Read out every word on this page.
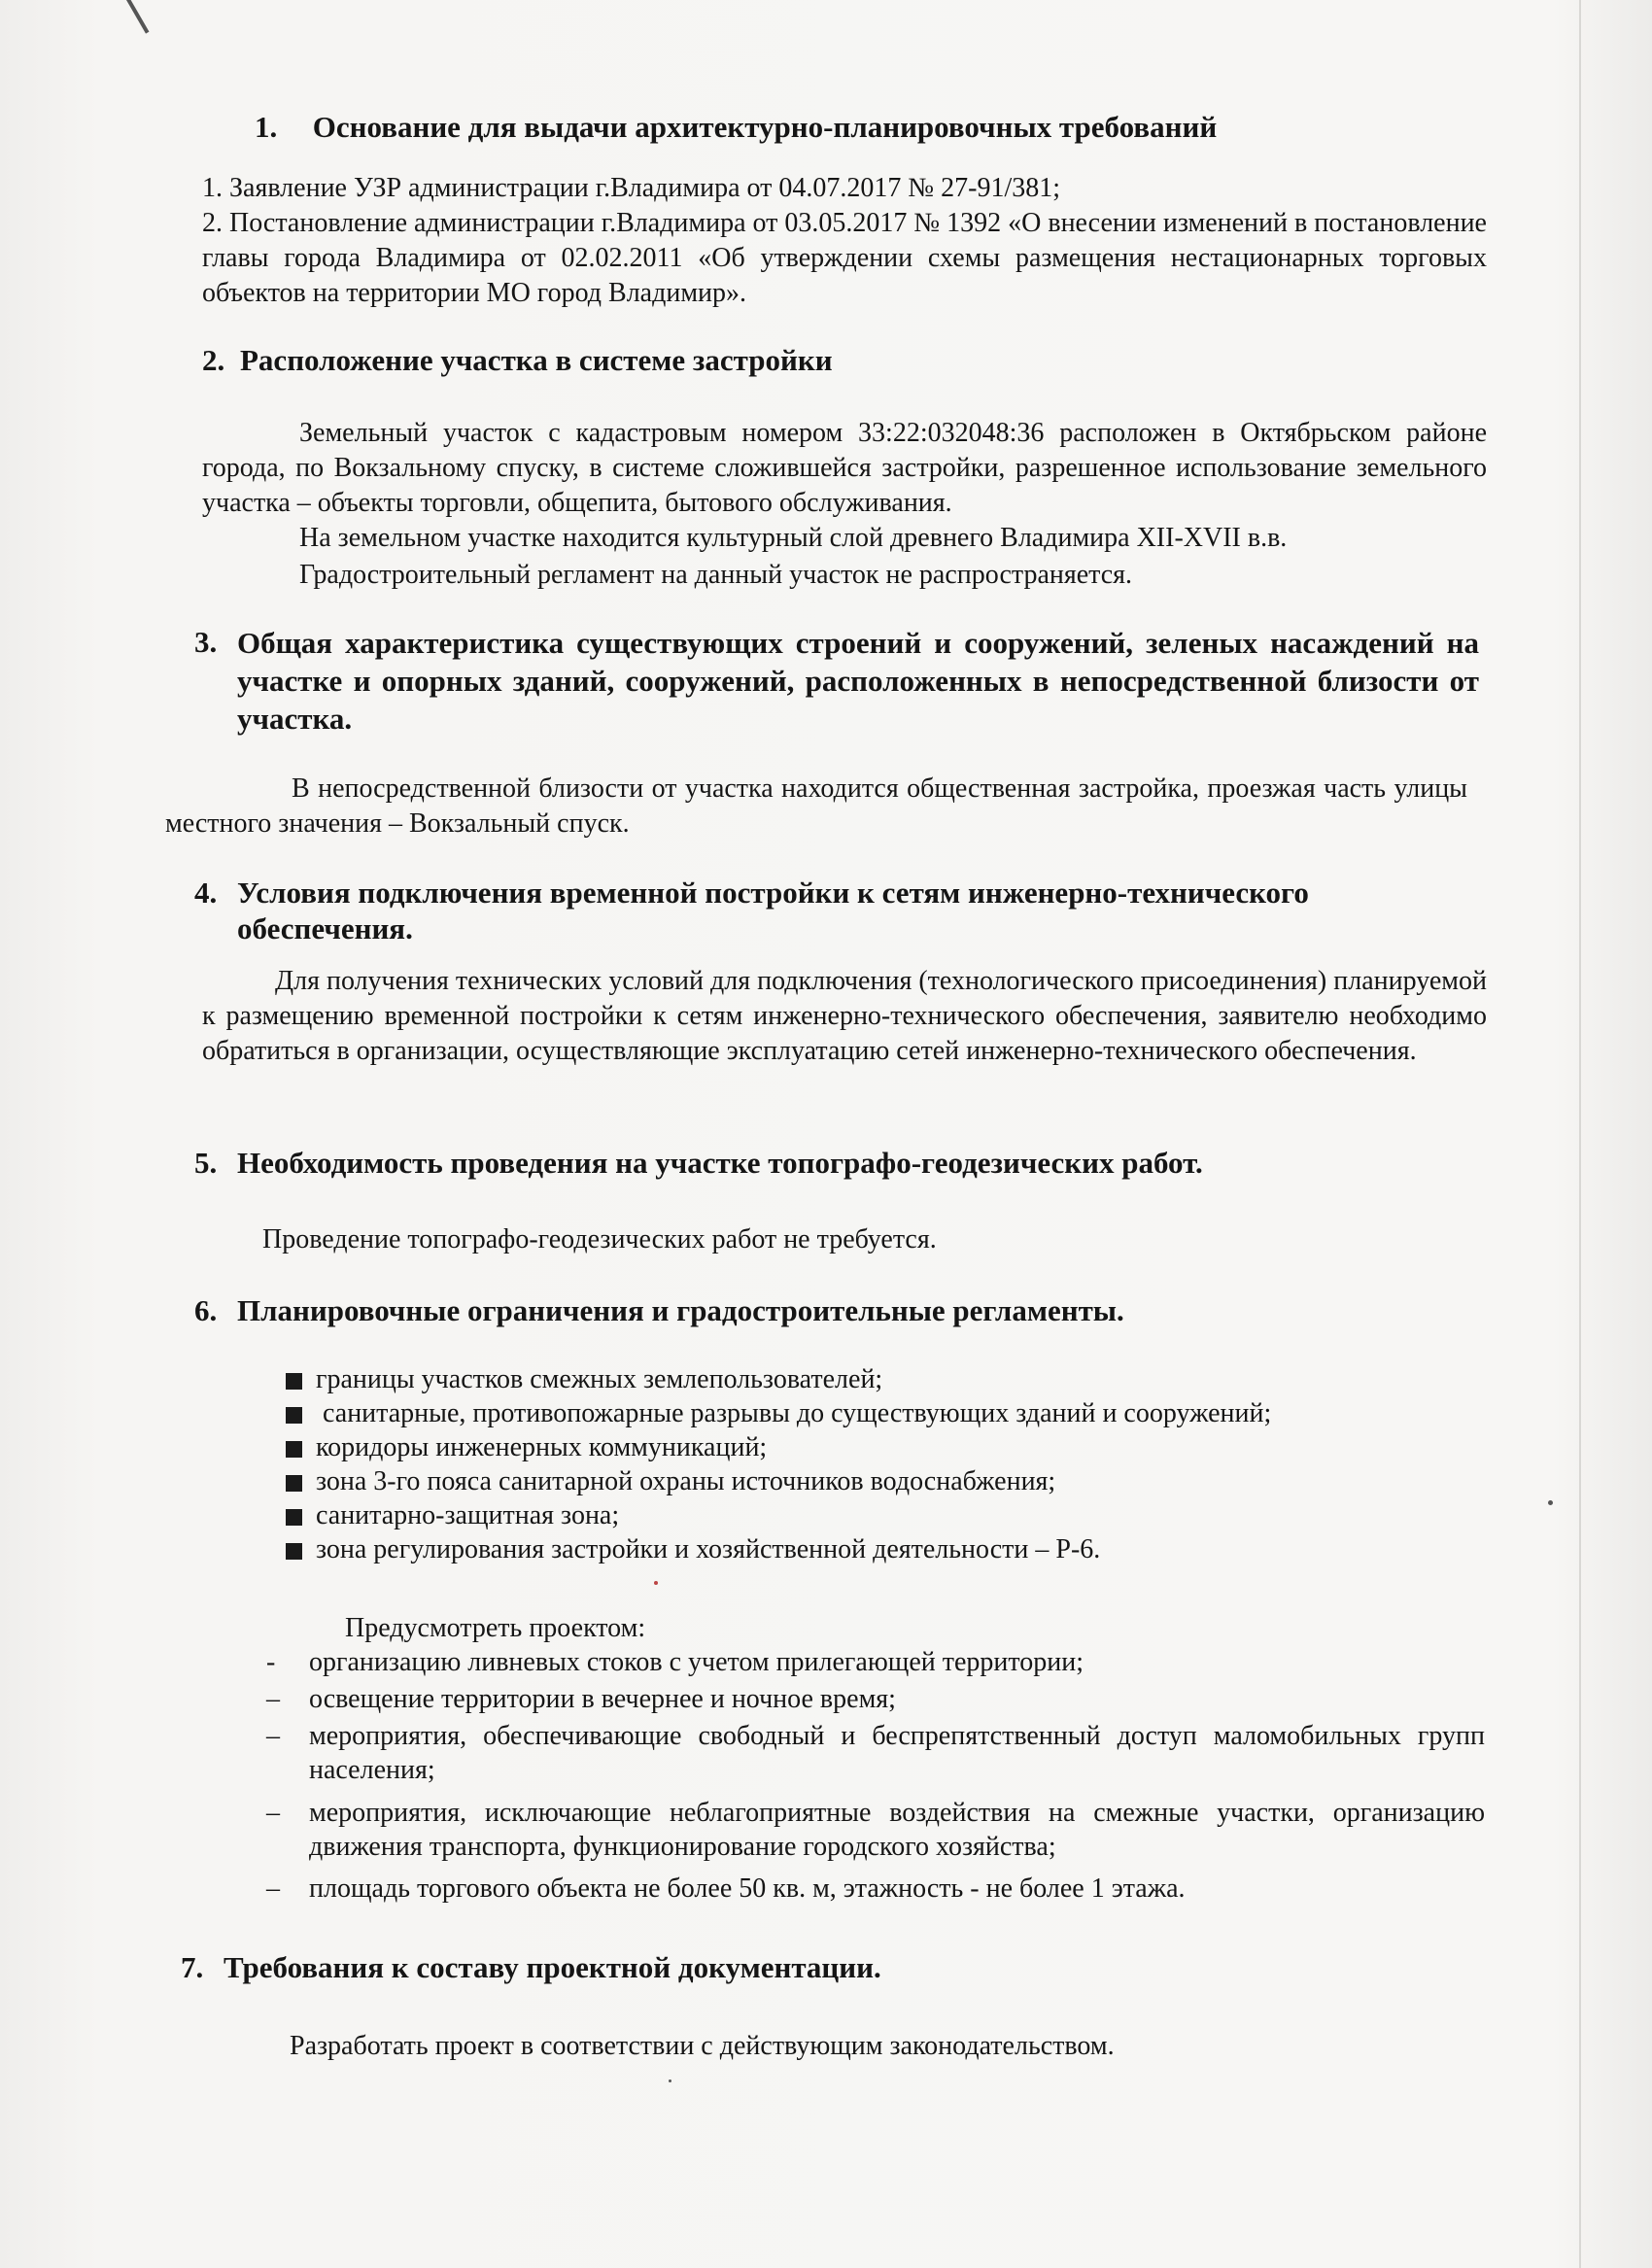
1. Основание для выдачи архитектурно-планировочных требований
1. Заявление УЗР администрации г.Владимира от 04.07.2017 № 27-91/381;
2. Постановление администрации г.Владимира от 03.05.2017 № 1392 «О внесении изменений в постановление главы города Владимира от 02.02.2011 «Об утверждении схемы размещения нестационарных торговых объектов на территории МО город Владимир».
2. Расположение участка в системе застройки
Земельный участок с кадастровым номером 33:22:032048:36 расположен в Октябрьском районе города, по Вокзальному спуску, в системе сложившейся застройки, разрешенное использование земельного участка – объекты торговли, общепита, бытового обслуживания.
На земельном участке находится культурный слой древнего Владимира XII-XVII в.в.
Градостроительный регламент на данный участок не распространяется.
3. Общая характеристика существующих строений и сооружений, зеленых насаждений на участке и опорных зданий, сооружений, расположенных в непосредственной близости от участка.
В непосредственной близости от участка находится общественная застройка, проезжая часть улицы местного значения – Вокзальный спуск.
4. Условия подключения временной постройки к сетям инженерно-технического обеспечения.
Для получения технических условий для подключения (технологического присоединения) планируемой к размещению временной постройки к сетям инженерно-технического обеспечения, заявителю необходимо обратиться в организации, осуществляющие эксплуатацию сетей инженерно-технического обеспечения.
5. Необходимость проведения на участке топографо-геодезических работ.
Проведение топографо-геодезических работ не требуется.
6. Планировочные ограничения и градостроительные регламенты.
границы участков смежных землепользователей;
санитарные, противопожарные разрывы до существующих зданий и сооружений;
коридоры инженерных коммуникаций;
зона 3-го пояса санитарной охраны источников водоснабжения;
санитарно-защитная зона;
зона регулирования застройки и хозяйственной деятельности – Р-6.
Предусмотреть проектом:
- организацию ливневых стоков с учетом прилегающей территории;
– освещение территории в вечернее и ночное время;
– мероприятия, обеспечивающие свободный и беспрепятственный доступ маломобильных групп населения;
– мероприятия, исключающие неблагоприятные воздействия на смежные участки, организацию движения транспорта, функционирование городского хозяйства;
– площадь торгового объекта не более 50 кв. м, этажность - не более 1 этажа.
7. Требования к составу проектной документации.
Разработать проект в соответствии с действующим законодательством.
